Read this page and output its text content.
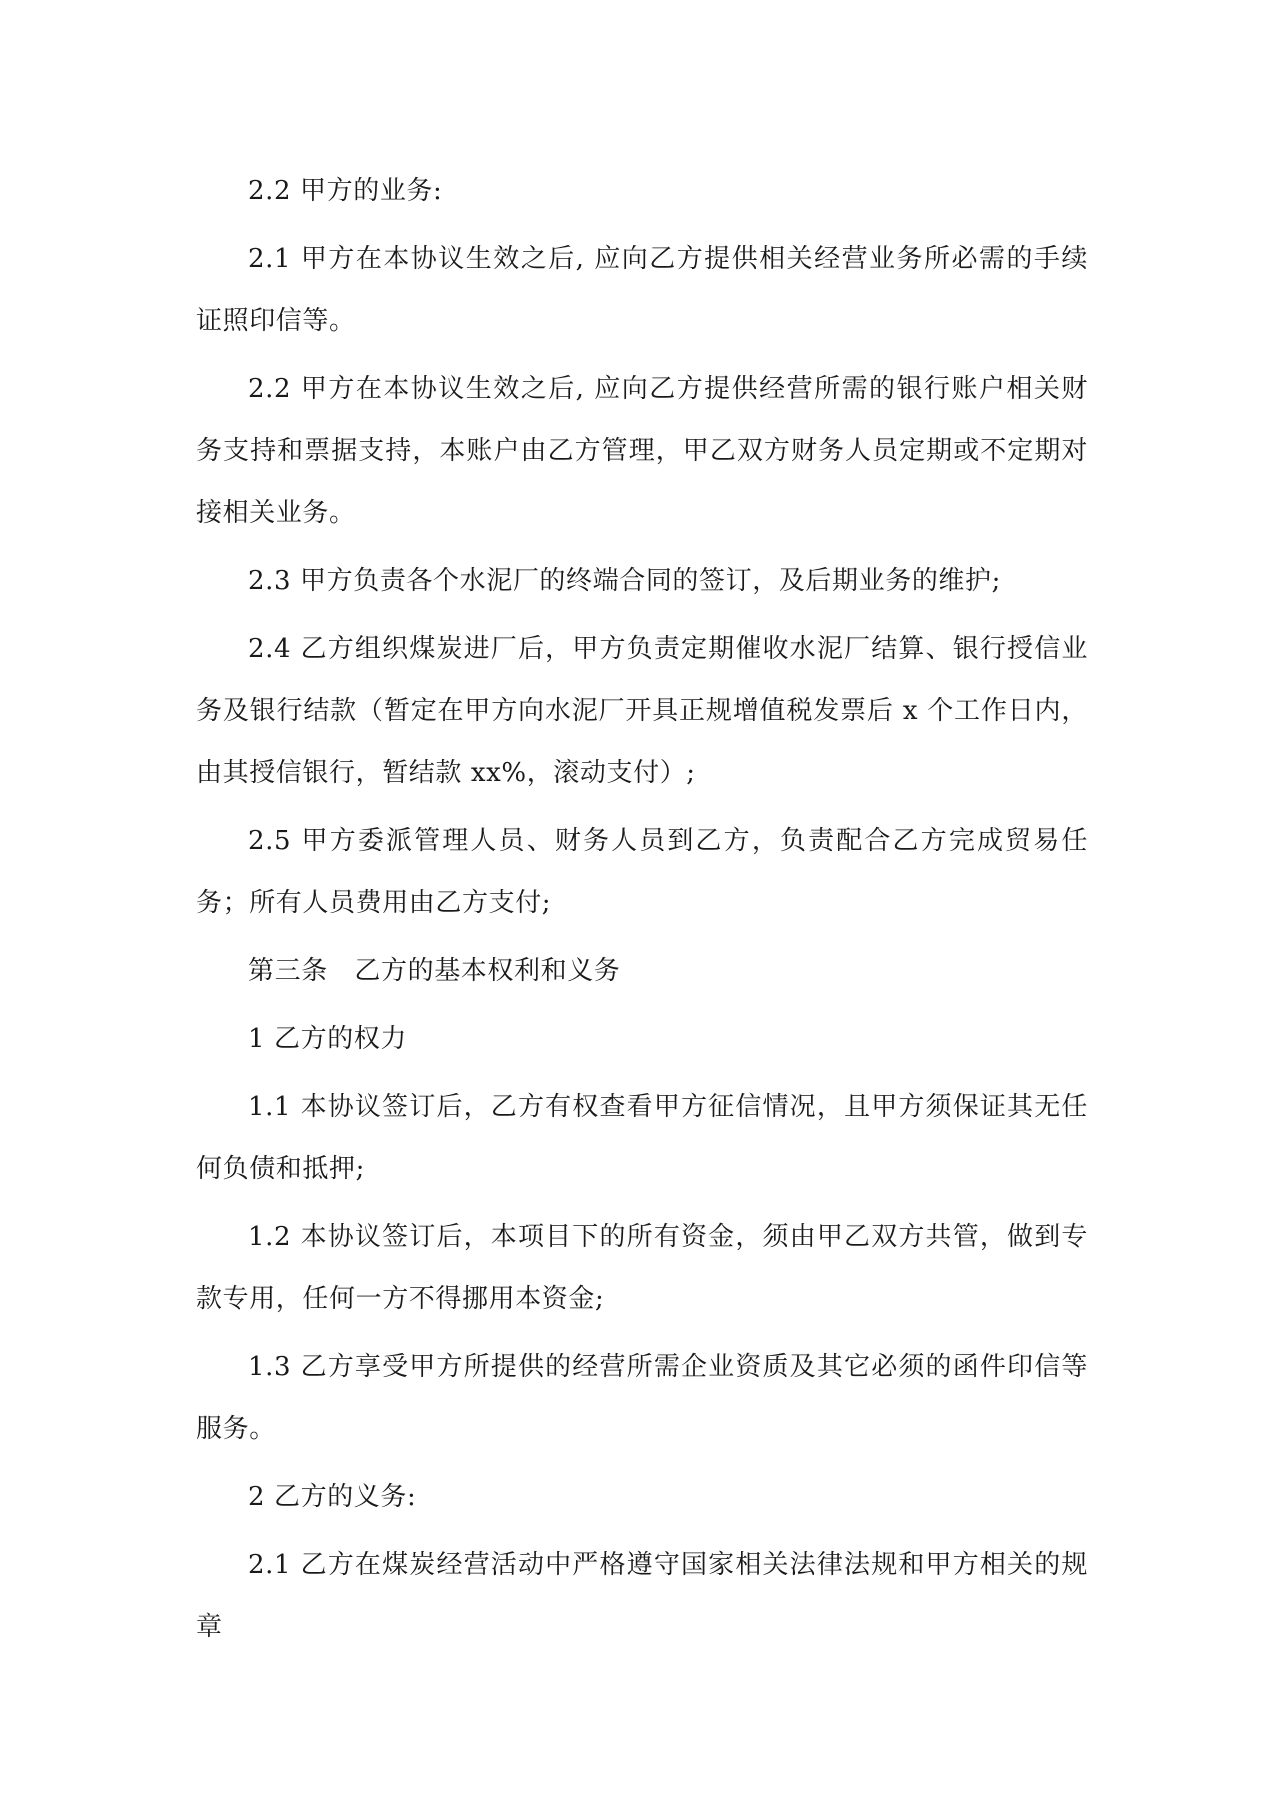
2.2 甲方的业务:

2.1 甲方在本协议生效之后, 应向乙方提供相关经营业务所必需的手续证照印信等。

2.2 甲方在本协议生效之后, 应向乙方提供经营所需的银行账户相关财务支持和票据支持，本账户由乙方管理，甲乙双方财务人员定期或不定期对接相关业务。

2.3 甲方负责各个水泥厂的终端合同的签订，及后期业务的维护;

2.4 乙方组织煤炭进厂后，甲方负责定期催收水泥厂结算、银行授信业务及银行结款（暂定在甲方向水泥厂开具正规增值税发票后 x 个工作日内，由其授信银行，暂结款 xx%，滚动支付）;

2.5 甲方委派管理人员、财务人员到乙方，负责配合乙方完成贸易任务；所有人员费用由乙方支付;

第三条　乙方的基本权利和义务

1 乙方的权力

1.1 本协议签订后，乙方有权查看甲方征信情况，且甲方须保证其无任何负债和抵押;

1.2 本协议签订后，本项目下的所有资金，须由甲乙双方共管，做到专款专用，任何一方不得挪用本资金;

1.3 乙方享受甲方所提供的经营所需企业资质及其它必须的函件印信等服务。

2 乙方的义务:

2.1 乙方在煤炭经营活动中严格遵守国家相关法律法规和甲方相关的规章
